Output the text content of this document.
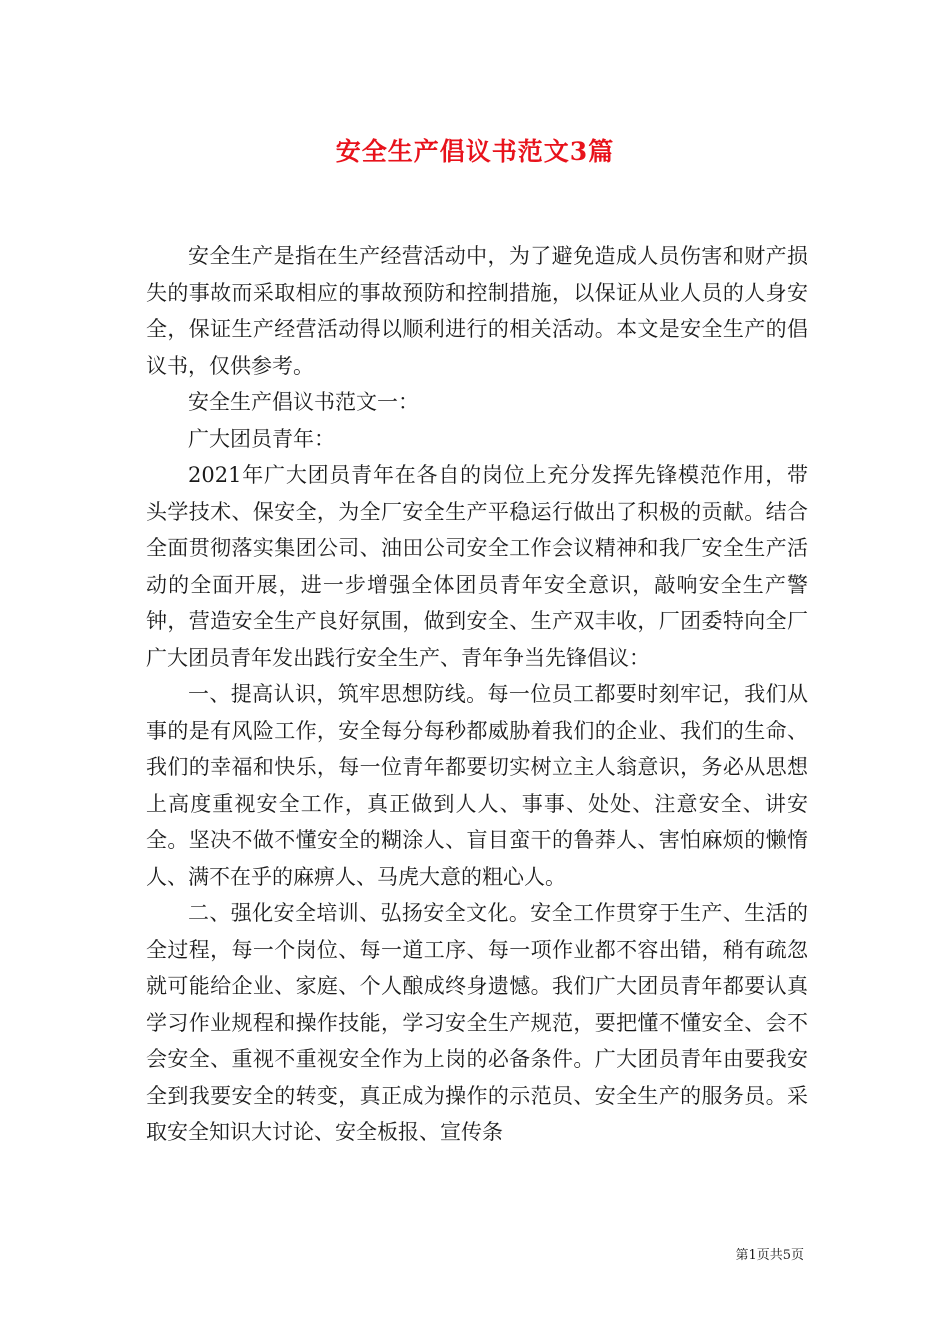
安全生产倡议书范文3篇

安全生产是指在生产经营活动中，为了避免造成人员伤害和财产损失的事故而采取相应的事故预防和控制措施，以保证从业人员的人身安全，保证生产经营活动得以顺利进行的相关活动。本文是安全生产的倡议书，仅供参考。

安全生产倡议书范文一：

广大团员青年：

2021年广大团员青年在各自的岗位上充分发挥先锋模范作用，带头学技术、保安全，为全厂安全生产平稳运行做出了积极的贡献。结合全面贯彻落实集团公司、油田公司安全工作会议精神和我厂安全生产活动的全面开展，进一步增强全体团员青年安全意识，敲响安全生产警钟，营造安全生产良好氛围，做到安全、生产双丰收，厂团委特向全厂广大团员青年发出践行安全生产、青年争当先锋倡议：

一、提高认识，筑牢思想防线。每一位员工都要时刻牢记，我们从事的是有风险工作，安全每分每秒都威胁着我们的企业、我们的生命、我们的幸福和快乐，每一位青年都要切实树立主人翁意识，务必从思想上高度重视安全工作，真正做到人人、事事、处处、注意安全、讲安全。坚决不做不懂安全的糊涂人、盲目蛮干的鲁莽人、害怕麻烦的懒惰人、满不在乎的麻痹人、马虎大意的粗心人。

二、强化安全培训、弘扬安全文化。安全工作贯穿于生产、生活的全过程，每一个岗位、每一道工序、每一项作业都不容出错，稍有疏忽就可能给企业、家庭、个人酿成终身遗憾。我们广大团员青年都要认真学习作业规程和操作技能，学习安全生产规范，要把懂不懂安全、会不会安全、重视不重视安全作为上岗的必备条件。广大团员青年由要我安全到我要安全的转变，真正成为操作的示范员、安全生产的服务员。采取安全知识大讨论、安全板报、宣传条

第1页共5页
